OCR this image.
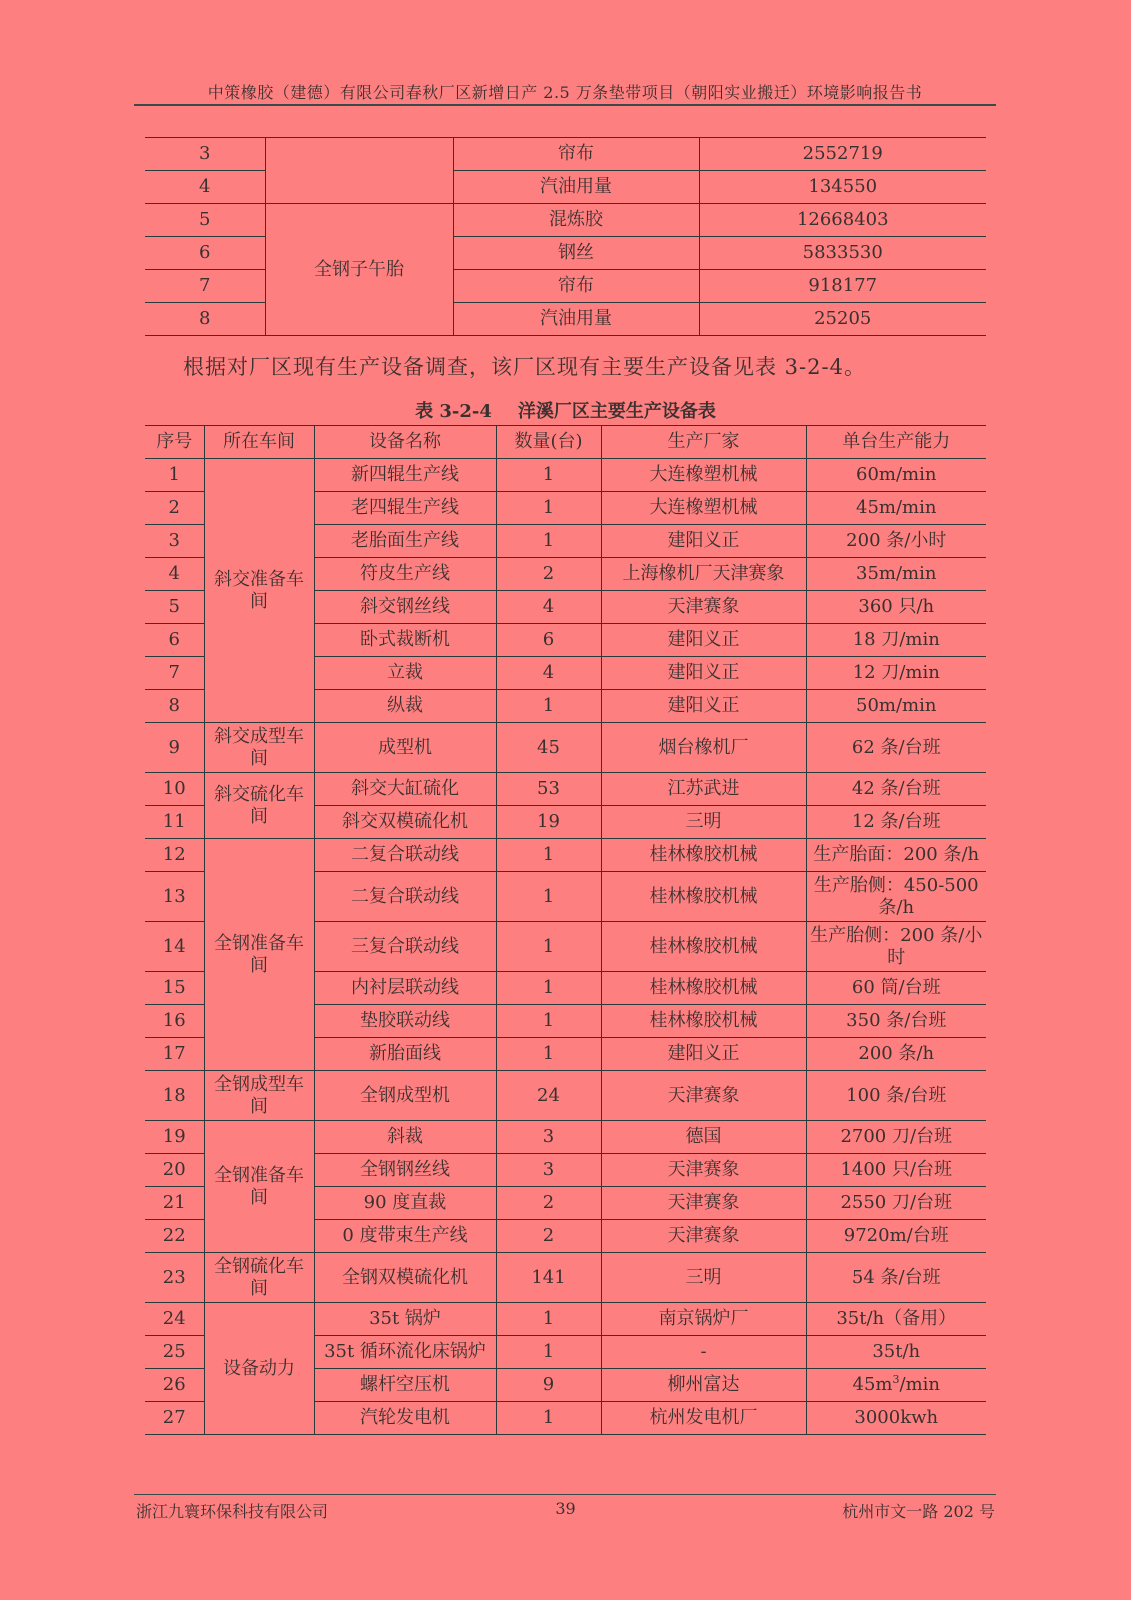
中策橡胶（建德）有限公司春秋厂区新增日产 2.5 万条垫带项目（朝阳实业搬迁）环境影响报告书
3		帘布	2552719
4		汽油用量	134550
5	全钢子午胎	混炼胶	12668403
6		钢丝	5833530
7		帘布	918177
8		汽油用量	25205
根据对厂区现有生产设备调查，该厂区现有主要生产设备见表 3-2-4。
表 3-2-4 洋溪厂区主要生产设备表
序号	所在车间	设备名称	数量(台)	生产厂家	单台生产能力
1	斜交准备车间	新四辊生产线	1	大连橡塑机械	60m/min
2		老四辊生产线	1	大连橡塑机械	45m/min
3		老胎面生产线	1	建阳义正	200 条/小时
4		符皮生产线	2	上海橡机厂天津赛象	35m/min
5		斜交钢丝线	4	天津赛象	360 只/h
6		卧式裁断机	6	建阳义正	18 刀/min
7		立裁	4	建阳义正	12 刀/min
8		纵裁	1	建阳义正	50m/min
9	斜交成型车间	成型机	45	烟台橡机厂	62 条/台班
10	斜交硫化车间	斜交大缸硫化	53	江苏武进	42 条/台班
11		斜交双模硫化机	19	三明	12 条/台班
12	全钢准备车间	二复合联动线	1	桂林橡胶机械	生产胎面：200 条/h
13		二复合联动线	1	桂林橡胶机械	生产胎侧：450-500 条/h
14		三复合联动线	1	桂林橡胶机械	生产胎侧：200 条/小时
15		内衬层联动线	1	桂林橡胶机械	60 筒/台班
16		垫胶联动线	1	桂林橡胶机械	350 条/台班
17		新胎面线	1	建阳义正	200 条/h
18	全钢成型车间	全钢成型机	24	天津赛象	100 条/台班
19	全钢准备车间	斜裁	3	德国	2700 刀/台班
20		全钢钢丝线	3	天津赛象	1400 只/台班
21		90 度直裁	2	天津赛象	2550 刀/台班
22		0 度带束生产线	2	天津赛象	9720m/台班
23	全钢硫化车间	全钢双模硫化机	141	三明	54 条/台班
24	设备动力	35t 锅炉	1	南京锅炉厂	35t/h（备用）
25		35t 循环流化床锅炉	1	-	35t/h
26		螺杆空压机	9	柳州富达	$45m^3/\min$
27		汽轮发电机	1	杭州发电机厂	3000kwh
浙江九寰环保科技有限公司	39	杭州市文一路 202 号
